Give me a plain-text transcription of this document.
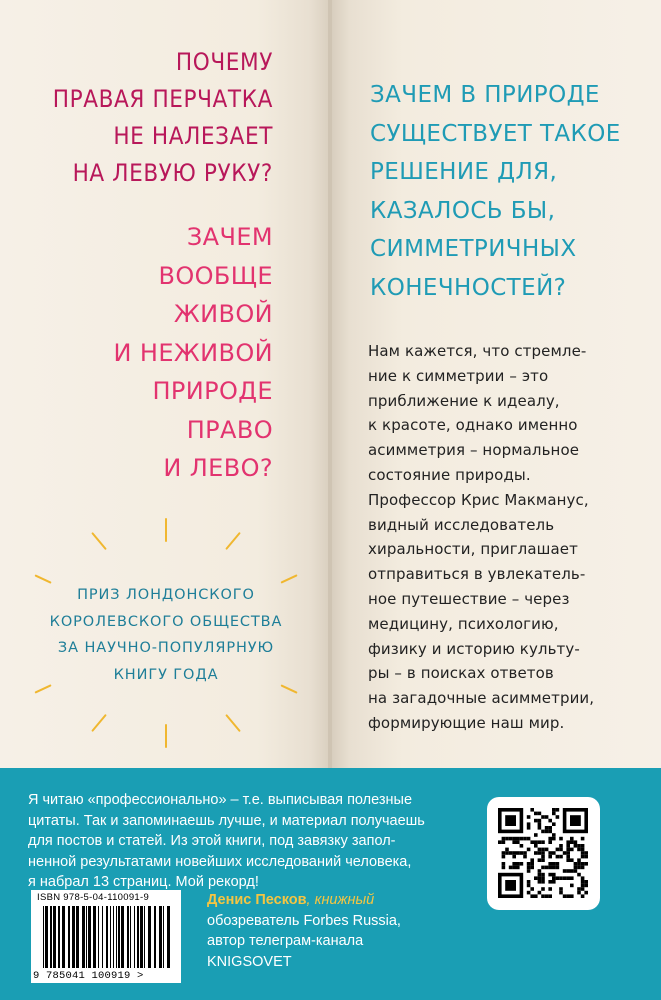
ПОЧЕМУ
ПРАВАЯ ПЕРЧАТКА
НЕ НАЛЕЗАЕТ
НА ЛЕВУЮ РУКУ?
ЗАЧЕМ
ВООБЩЕ
ЖИВОЙ
И НЕЖИВОЙ
ПРИРОДЕ
ПРАВО
И ЛЕВО?
ЗАЧЕМ В ПРИРОДЕ
СУЩЕСТВУЕТ ТАКОЕ
РЕШЕНИЕ ДЛЯ,
КАЗАЛОСЬ БЫ,
СИММЕТРИЧНЫХ
КОНЕЧНОСТЕЙ?
Нам кажется, что стремле-
ние к симметрии – это
приближение к идеалу,
к красоте, однако именно
асимметрия – нормальное
состояние природы.
Профессор Крис Макманус,
видный исследователь
хиральности, приглашает
отправиться в увлекатель-
ное путешествие – через
медицину, психологию,
физику и историю культу-
ры – в поисках ответов
на загадочные асимметрии,
формирующие наш мир.
ПРИЗ ЛОНДОНСКОГО
КОРОЛЕВСКОГО ОБЩЕСТВА
ЗА НАУЧНО-ПОПУЛЯРНУЮ
КНИГУ ГОДА
Я читаю «профессионально» – т.е. выписывая полезные
цитаты. Так и запоминаешь лучше, и материал получаешь
для постов и статей. Из этой книги, под завязку запол-
ненной результатами новейших исследований человека,
я набрал 13 страниц. Мой рекорд!
Денис Песков, книжный
обозреватель Forbes Russia,
автор телеграм-канала
KNIGSOVET
ISBN 978-5-04-110091-9
9 785041 100919 >
